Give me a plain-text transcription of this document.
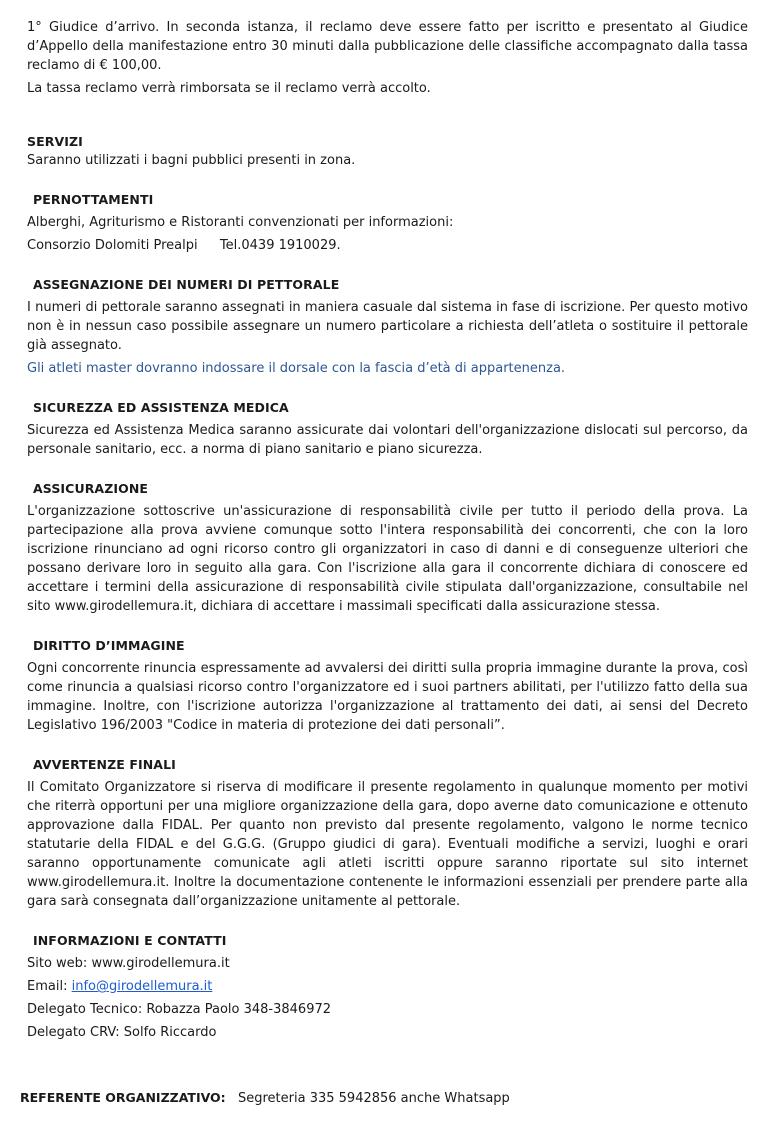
1° Giudice d’arrivo. In seconda istanza, il reclamo deve essere fatto per iscritto e presentato al Giudice d’Appello della manifestazione entro 30 minuti dalla pubblicazione delle classifiche accompagnato dalla tassa reclamo di € 100,00.

La tassa reclamo verrà rimborsata se il reclamo verrà accolto.

SERVIZI

Saranno utilizzati i bagni pubblici presenti in zona.

PERNOTTAMENTI

Alberghi, Agriturismo e Ristoranti convenzionati per informazioni:

Consorzio Dolomiti Prealpi Tel.0439 1910029.

ASSEGNAZIONE DEI NUMERI DI PETTORALE

I numeri di pettorale saranno assegnati in maniera casuale dal sistema in fase di iscrizione. Per questo motivo non è in nessun caso possibile assegnare un numero particolare a richiesta dell’atleta o sostituire il pettorale già assegnato.

Gli atleti master dovranno indossare il dorsale con la fascia d’età di appartenenza.

SICUREZZA ED ASSISTENZA MEDICA

Sicurezza ed Assistenza Medica saranno assicurate dai volontari dell'organizzazione dislocati sul percorso, da personale sanitario, ecc. a norma di piano sanitario e piano sicurezza.

ASSICURAZIONE

L'organizzazione sottoscrive un'assicurazione di responsabilità civile per tutto il periodo della prova. La partecipazione alla prova avviene comunque sotto l'intera responsabilità dei concorrenti, che con la loro iscrizione rinunciano ad ogni ricorso contro gli organizzatori in caso di danni e di conseguenze ulteriori che possano derivare loro in seguito alla gara. Con l'iscrizione alla gara il concorrente dichiara di conoscere ed accettare i termini della assicurazione di responsabilità civile stipulata dall'organizzazione, consultabile nel sito www.girodellemura.it, dichiara di accettare i massimali specificati dalla assicurazione stessa.

DIRITTO D’IMMAGINE

Ogni concorrente rinuncia espressamente ad avvalersi dei diritti sulla propria immagine durante la prova, così come rinuncia a qualsiasi ricorso contro l'organizzatore ed i suoi partners abilitati, per l'utilizzo fatto della sua immagine. Inoltre, con l'iscrizione autorizza l'organizzazione al trattamento dei dati, ai sensi del Decreto Legislativo 196/2003 "Codice in materia di protezione dei dati personali”.

AVVERTENZE FINALI

Il Comitato Organizzatore si riserva di modificare il presente regolamento in qualunque momento per motivi che riterrà opportuni per una migliore organizzazione della gara, dopo averne dato comunicazione e ottenuto approvazione dalla FIDAL. Per quanto non previsto dal presente regolamento, valgono le norme tecnico statutarie della FIDAL e del G.G.G. (Gruppo giudici di gara). Eventuali modifiche a servizi, luoghi e orari saranno opportunamente comunicate agli atleti iscritti oppure saranno riportate sul sito internet www.girodellemura.it. Inoltre la documentazione contenente le informazioni essenziali per prendere parte alla gara sarà consegnata dall’organizzazione unitamente al pettorale.

INFORMAZIONI E CONTATTI

Sito web: www.girodellemura.it

Email: info@girodellemura.it

Delegato Tecnico: Robazza Paolo 348-3846972

Delegato CRV: Solfo Riccardo

REFERENTE ORGANIZZATIVO: Segreteria 335 5942856 anche Whatsapp
